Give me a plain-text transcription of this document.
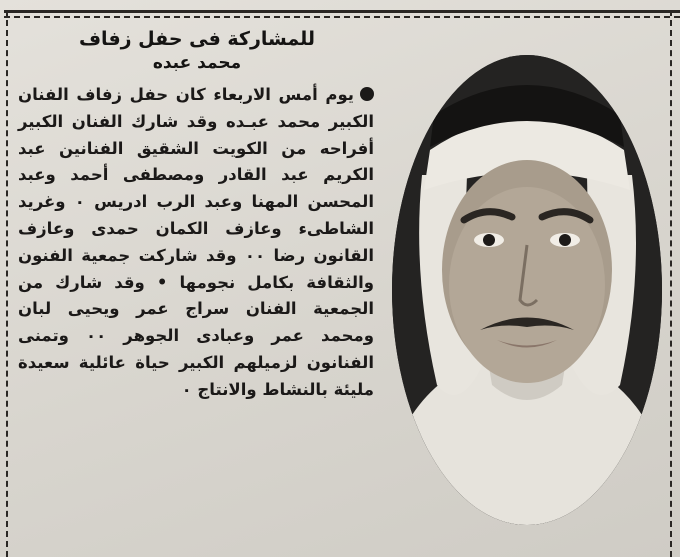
للمشاركة فى حفل زفاف
محمد عبده

يوم أمس الاربعاء كان حفل زفاف الفنان الكبير محمد عبـده وقد شارك الفنان الكبير أفراحه من الكويت الشقيق الفنانين عبد الكريم عبد القادر ومصطفى أحمد وعبد المحسن المهنا وعبد الرب ادريس ٠ وغريد الشاطىء وعازف الكمان حمدى وعازف القانون رضا ٠٠ وقد شاركت جمعية الفنون والثقافة بكامل نجومها • وقد شارك من الجمعية الفنان سراج عمر ويحيى لبان ومحمد عمر وعبادى الجوهر ٠٠ وتمنى الفنانون لزميلهم الكبير حياة عائلية سعيدة مليئة بالنشاط والانتاج ٠
